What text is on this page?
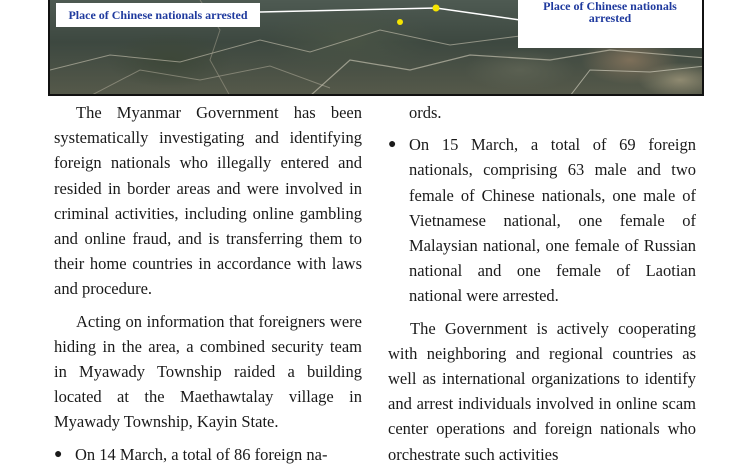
Place of Chinese nationals arrested
Place of Chinese nationals
arrested

The Myanmar Government has been systematically investigating and identifying foreign nationals who illegally entered and resided in border areas and were involved in criminal activities, including online gambling and online fraud, and is transferring them to their home countries in accordance with laws and procedure.

Acting on information that foreigners were hiding in the area, a combined security team in Myawady Township raided a building located at the Maethawtalay village in Myawady Township, Kayin State.

● On 14 March, a total of 86 foreign na-

ords.

● On 15 March, a total of 69 foreign nationals, comprising 63 male and two female of Chinese nationals, one male of Vietnamese national, one female of Malaysian national, one female of Russian national and one female of Laotian national were arrested.

The Government is actively cooperating with neighboring and regional countries as well as international organizations to identify and arrest individuals involved in online scam center operations and foreign nationals who orchestrate such activities
